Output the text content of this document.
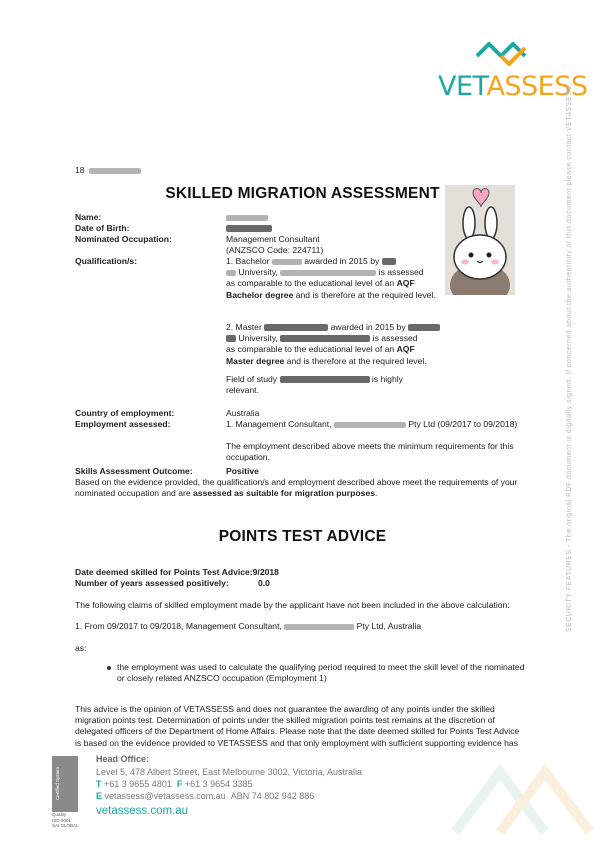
VETASSESS
SECURITY FEATURES - The original PDF document is digitally signed. If concerned about the authenticity of this document please contact VETASSESS.
18
SKILLED MIGRATION ASSESSMENT
Name:
Date of Birth:
Nominated Occupation:	Management Consultant
(ANZSCO Code: 224711)
Qualification/s:	1. Bachelor	awarded in 2015 by
University,	is assessed
as comparable to the educational level of an AQF
Bachelor degree and is therefore at the required level.
2. Master	awarded in 2015 by
University,	is assessed
as comparable to the educational level of an AQF
Master degree and is therefore at the required level.
Field of study	is highly
relevant.
Country of employment:	Australia
Employment assessed:	1. Management Consultant,	Pty Ltd (09/2017 to 09/2018)
The employment described above meets the minimum requirements for this
occupation.
Skills Assessment Outcome:	Positive
Based on the evidence provided, the qualification/s and employment described above meet the requirements of your
nominated occupation and are assessed as suitable for migration purposes.
POINTS TEST ADVICE
Date deemed skilled for Points Test Advice:9/2018
Number of years assessed positively:	0.0
The following claims of skilled employment made by the applicant have not been included in the above calculation:
1. From 09/2017 to 09/2018, Management Consultant,	Pty Ltd, Australia
as:
the employment was used to calculate the qualifying period required to meet the skill level of the nominated
or closely related ANZSCO occupation (Employment 1)
This advice is the opinion of VETASSESS and does not guarantee the awarding of any points under the skilled
migration points test. Determination of points under the skilled migration points test remains at the discretion of
delegated officers of the Department of Home Affairs. Please note that the date deemed skilled for Points Test Advice
is based on the evidence provided to VETASSESS and that only employment with sufficient supporting evidence has
Certified System
Quality
ISO 9001
SAI GLOBAL
Head Office:
Level 5, 478 Albert Street, East Melbourne 3002, Victoria, Australia
T +61 3 9655 4801 F +61 3 9654 3385
E vetassess@vetassess.com.au ABN 74 802 942 886
vetassess.com.au
